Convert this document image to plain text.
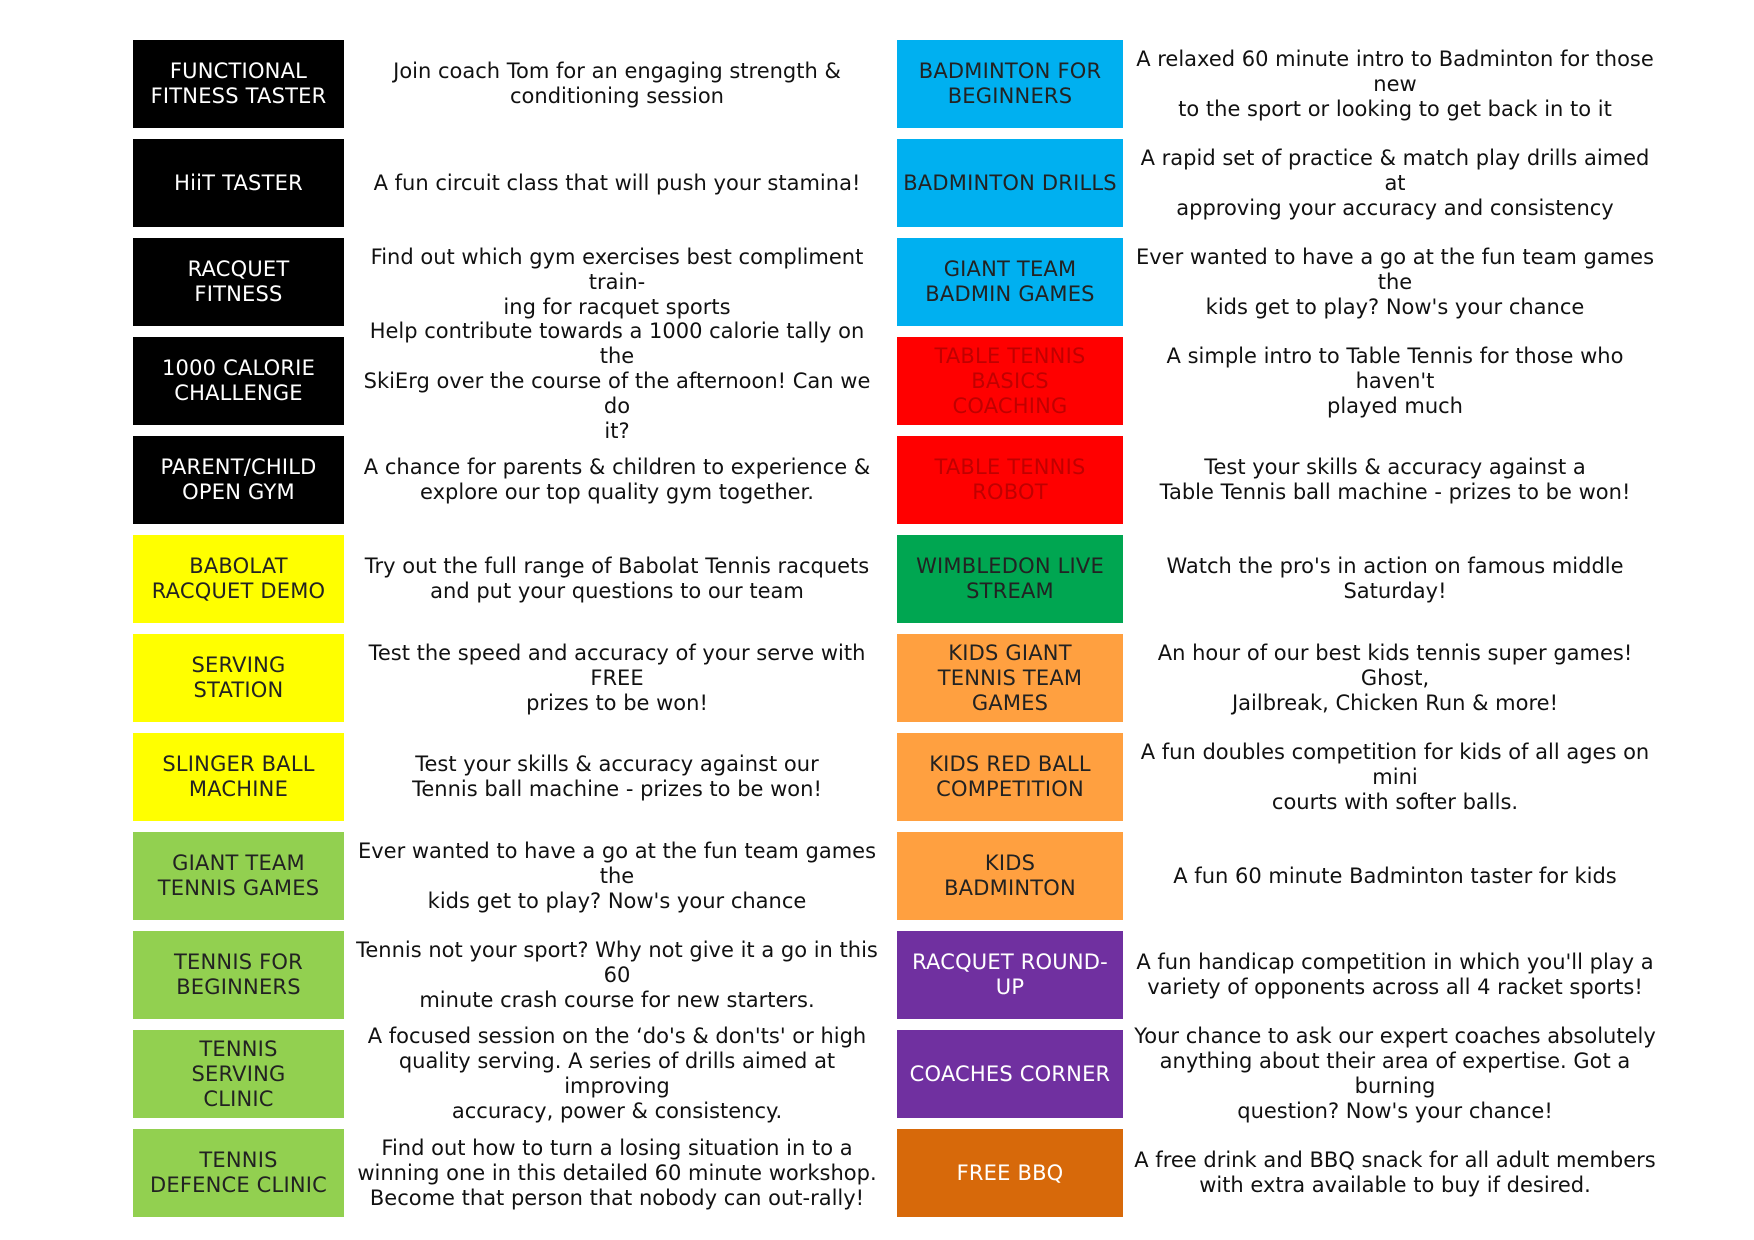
FUNCTIONAL
FITNESS TASTER
Join coach Tom for an engaging strength &
conditioning session
HiiT TASTER	A fun circuit class that will push your stamina!
RACQUET
FITNESS
Find out which gym exercises best compliment train-
ing for racquet sports
1000 CALORIE
CHALLENGE
Help contribute towards a 1000 calorie tally on the
SkiErg over the course of the afternoon! Can we do
it?
PARENT/CHILD
OPEN GYM
A chance for parents & children to experience &
explore our top quality gym together.
BABOLAT
RACQUET DEMO
Try out the full range of Babolat Tennis racquets
and put your questions to our team
SERVING
STATION
Test the speed and accuracy of your serve with FREE
prizes to be won!
SLINGER BALL
MACHINE
Test your skills & accuracy against our
Tennis ball machine - prizes to be won!
GIANT TEAM
TENNIS GAMES
Ever wanted to have a go at the fun team games the
kids get to play? Now's your chance
TENNIS FOR
BEGINNERS
Tennis not your sport? Why not give it a go in this 60
minute crash course for new starters.
TENNIS
SERVING
CLINIC
A focused session on the ‘do's & don'ts' or high
quality serving. A series of drills aimed at improving
accuracy, power & consistency.
TENNIS
DEFENCE CLINIC
Find out how to turn a losing situation in to a
winning one in this detailed 60 minute workshop.
Become that person that nobody can out-rally!
BADMINTON FOR
BEGINNERS
A relaxed 60 minute intro to Badminton for those new
to the sport or looking to get back in to it
BADMINTON DRILLS
A rapid set of practice & match play drills aimed at
approving your accuracy and consistency
GIANT TEAM
BADMIN GAMES
Ever wanted to have a go at the fun team games the
kids get to play? Now's your chance
TABLE TENNIS
BASICS
COACHING
A simple intro to Table Tennis for those who haven't
played much
TABLE TENNIS
ROBOT
Test your skills & accuracy against a
Table Tennis ball machine - prizes to be won!
WIMBLEDON LIVE
STREAM
Watch the pro's in action on famous middle Saturday!
KIDS GIANT
TENNIS TEAM
GAMES
An hour of our best kids tennis super games! Ghost,
Jailbreak, Chicken Run & more!
KIDS RED BALL
COMPETITION
A fun doubles competition for kids of all ages on mini
courts with softer balls.
KIDS
BADMINTON
A fun 60 minute Badminton taster for kids
RACQUET ROUND-UP
A fun handicap competition in which you'll play a
variety of opponents across all 4 racket sports!
COACHES CORNER
Your chance to ask our expert coaches absolutely
anything about their area of expertise. Got a burning
question? Now's your chance!
FREE BBQ
A free drink and BBQ snack for all adult members
with extra available to buy if desired.
